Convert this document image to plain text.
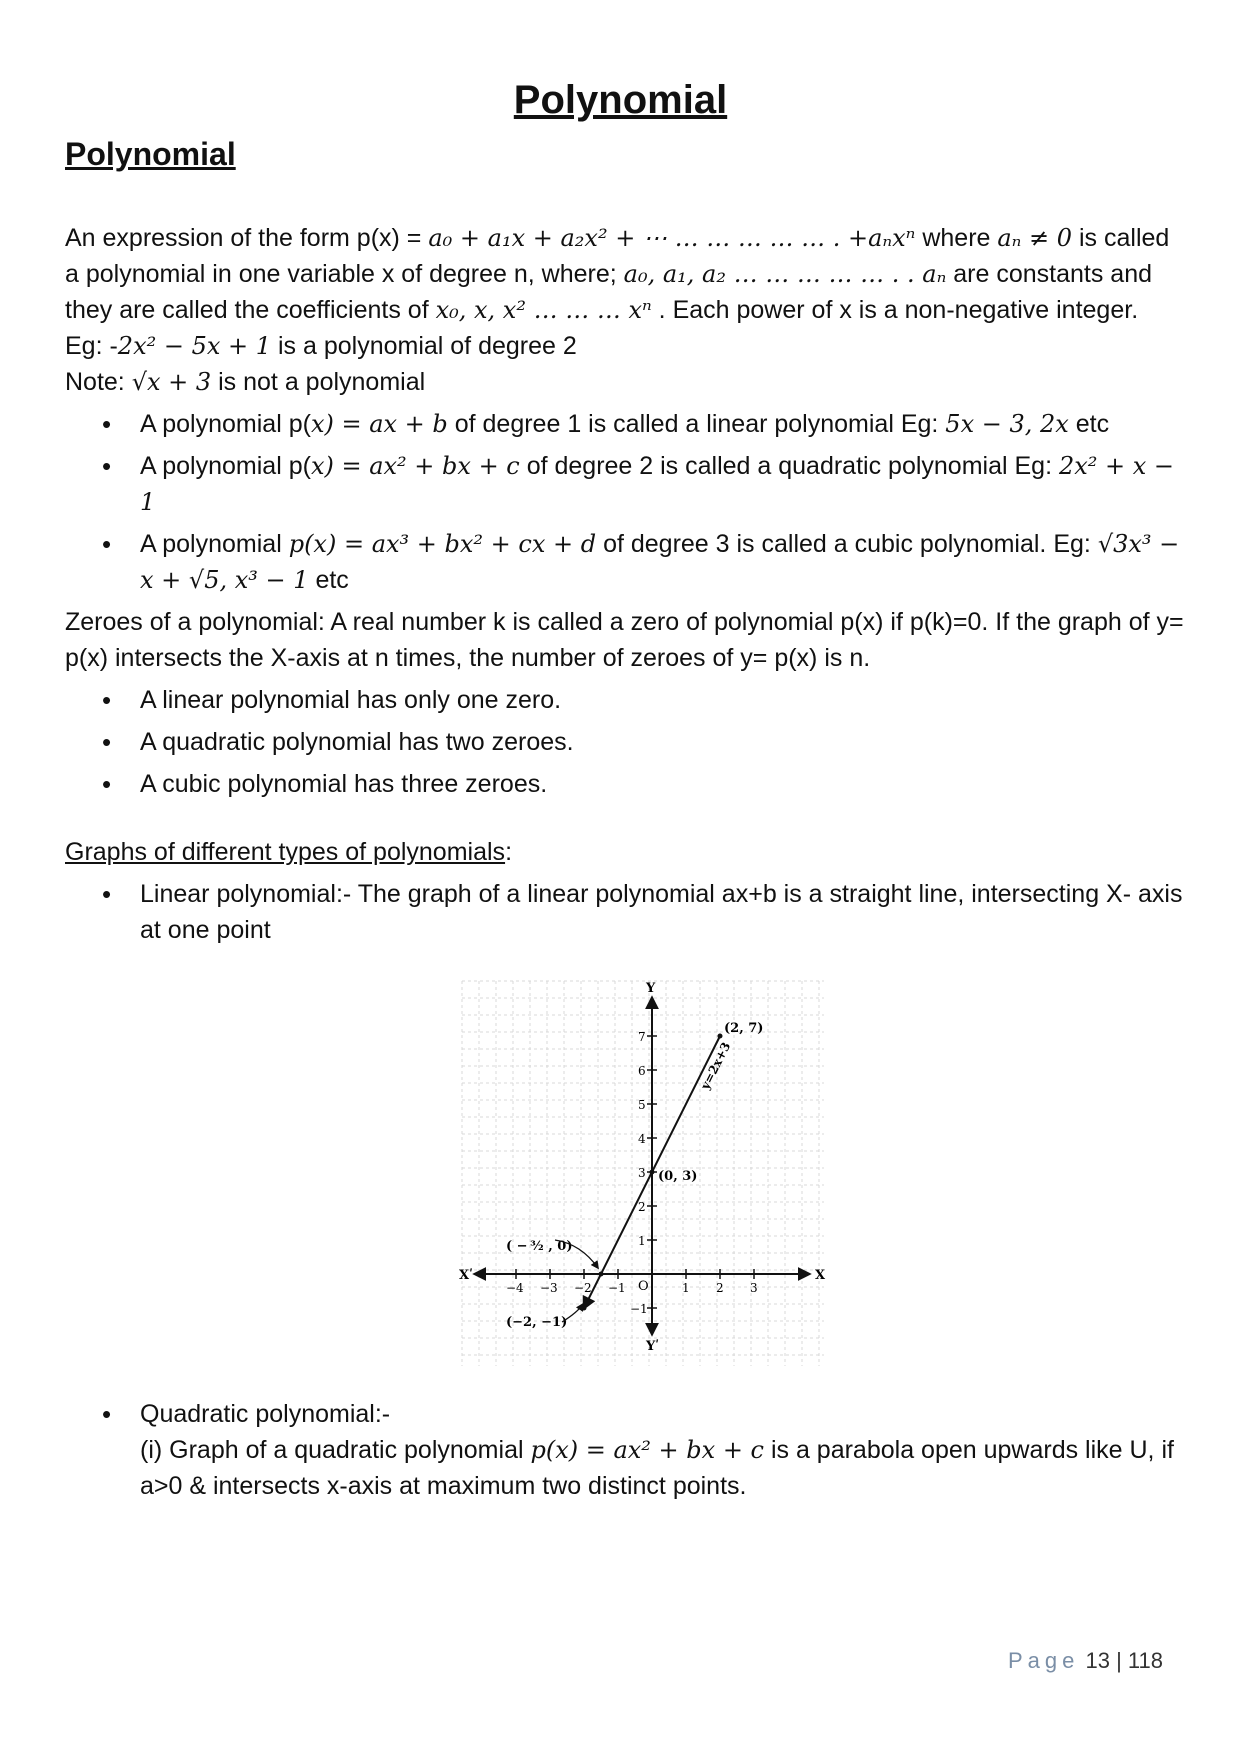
Polynomial
Polynomial

An expression of the form p(x) = a₀ + a₁x + a₂x² + ⋯ … … … … … . +aₙxⁿ where aₙ ≠ 0 is called a polynomial in one variable x of degree n, where; a₀, a₁, a₂ … … … … … . . aₙ are constants and they are called the coefficients of x₀, x, x² … … … xⁿ . Each power of x is a non-negative integer.

Eg: -2x² − 5x + 1 is a polynomial of degree 2

Note: √x + 3 is not a polynomial

• A polynomial p(x) = ax + b of degree 1 is called a linear polynomial Eg: 5x − 3, 2x etc
• A polynomial p(x) = ax² + bx + c of degree 2 is called a quadratic polynomial Eg: 2x² + x − 1
• A polynomial p(x) = ax³ + bx² + cx + d of degree 3 is called a cubic polynomial. Eg: √3x³ − x + √5, x³ − 1 etc

Zeroes of a polynomial: A real number k is called a zero of polynomial p(x) if p(k)=0. If the graph of y= p(x) intersects the X-axis at n times, the number of zeroes of y= p(x) is n.

• A linear polynomial has only one zero.
• A quadratic polynomial has two zeroes.
• A cubic polynomial has three zeroes.

Graphs of different types of polynomials:

• Linear polynomial:- The graph of a linear polynomial ax+b is a straight line, intersecting X- axis at one point
X
Xʹ
Y
Yʹ
O
−4 −3 −2 −1	1 2 3
−1
1
2
3
4
5
6
7
y=2x+3
(2, 7)
(0, 3)
( − ³⁄₂ , 0)
(−2, −1)
• Quadratic polynomial:-
(i) Graph of a quadratic polynomial p(x) = ax² + bx + c is a parabola open upwards like U, if a>0 & intersects x-axis at maximum two distinct points.
Page 13 | 118
